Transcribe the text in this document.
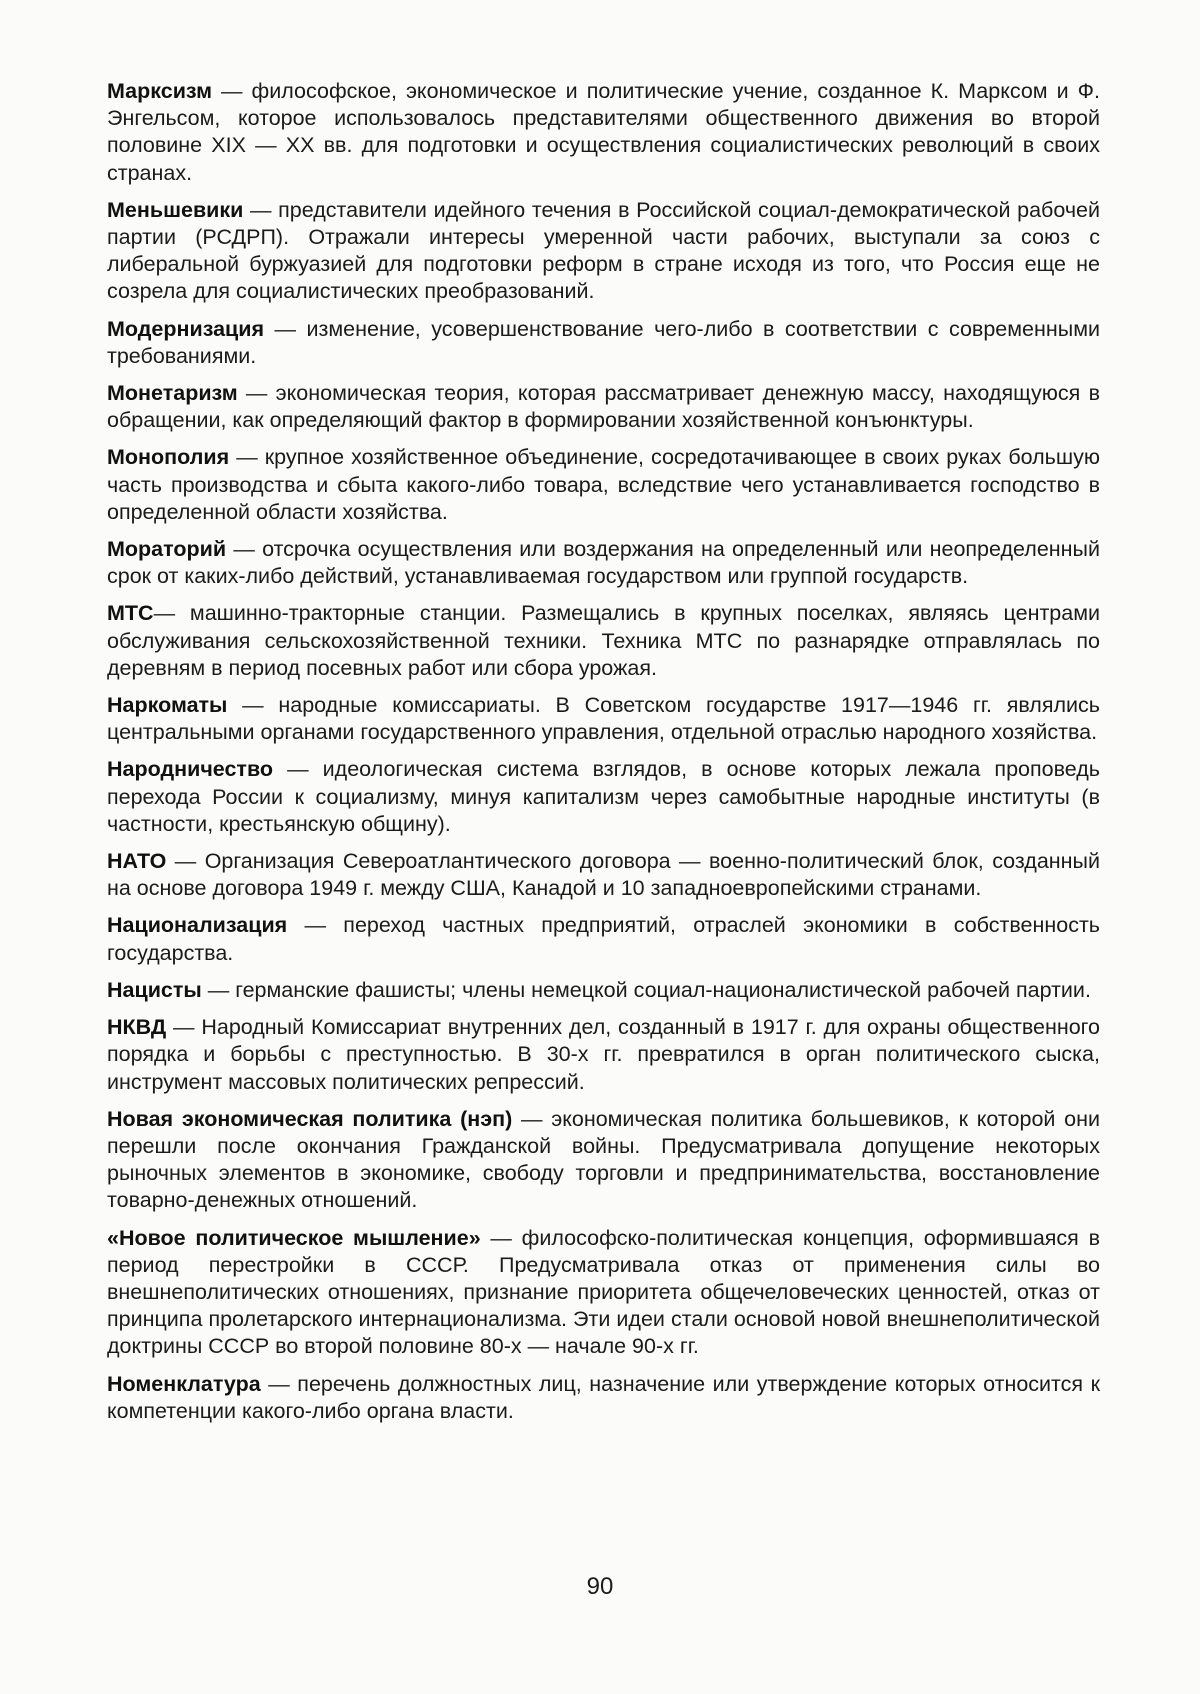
Марксизм — философское, экономическое и политические учение, созданное К. Марксом и Ф. Энгельсом, которое использовалось представителями общественного движения во второй половине XIX — XX вв. для подготовки и осуществления социалистических революций в своих странах.

Меньшевики — представители идейного течения в Российской социал-демократической рабочей партии (РСДРП). Отражали интересы умеренной части рабочих, выступали за союз с либеральной буржуазией для подготовки реформ в стране исходя из того, что Россия еще не созрела для социалистических преобразований.

Модернизация — изменение, усовершенствование чего-либо в соответствии с современными требованиями.

Монетаризм — экономическая теория, которая рассматривает денежную массу, находящуюся в обращении, как определяющий фактор в формировании хозяйственной конъюнктуры.

Монополия — крупное хозяйственное объединение, сосредотачивающее в своих руках большую часть производства и сбыта какого-либо товара, вследствие чего устанавливается господство в определенной области хозяйства.

Мораторий — отсрочка осуществления или воздержания на определенный или неопределенный срок от каких-либо действий, устанавливаемая государством или группой государств.

МТС— машинно-тракторные станции. Размещались в крупных поселках, являясь центрами обслуживания сельскохозяйственной техники. Техника МТС по разнарядке отправлялась по деревням в период посевных работ или сбора урожая.

Наркоматы — народные комиссариаты. В Советском государстве 1917—1946 гг. являлись центральными органами государственного управления, отдельной отраслью народного хозяйства.

Народничество — идеологическая система взглядов, в основе которых лежала проповедь перехода России к социализму, минуя капитализм через самобытные народные институты (в частности, крестьянскую общину).

НАТО — Организация Североатлантического договора — военно-политический блок, созданный на основе договора 1949 г. между США, Канадой и 10 западноевропейскими странами.

Национализация — переход частных предприятий, отраслей экономики в собственность государства.

Нацисты — германские фашисты; члены немецкой социал-националистической рабочей партии.

НКВД — Народный Комиссариат внутренних дел, созданный в 1917 г. для охраны общественного порядка и борьбы с преступностью. В 30-х гг. превратился в орган политического сыска, инструмент массовых политических репрессий.

Новая экономическая политика (нэп) — экономическая политика большевиков, к которой они перешли после окончания Гражданской войны. Предусматривала допущение некоторых рыночных элементов в экономике, свободу торговли и предпринимательства, восстановление товарно-денежных отношений.

«Новое политическое мышление» — философско-политическая концепция, оформившаяся в период перестройки в СССР. Предусматривала отказ от применения силы во внешнеполитических отношениях, признание приоритета общечеловеческих ценностей, отказ от принципа пролетарского интернационализма. Эти идеи стали основой новой внешнеполитической доктрины СССР во второй половине 80-х — начале 90-х гг.

Номенклатура — перечень должностных лиц, назначение или утверждение которых относится к компетенции какого-либо органа власти.

90
